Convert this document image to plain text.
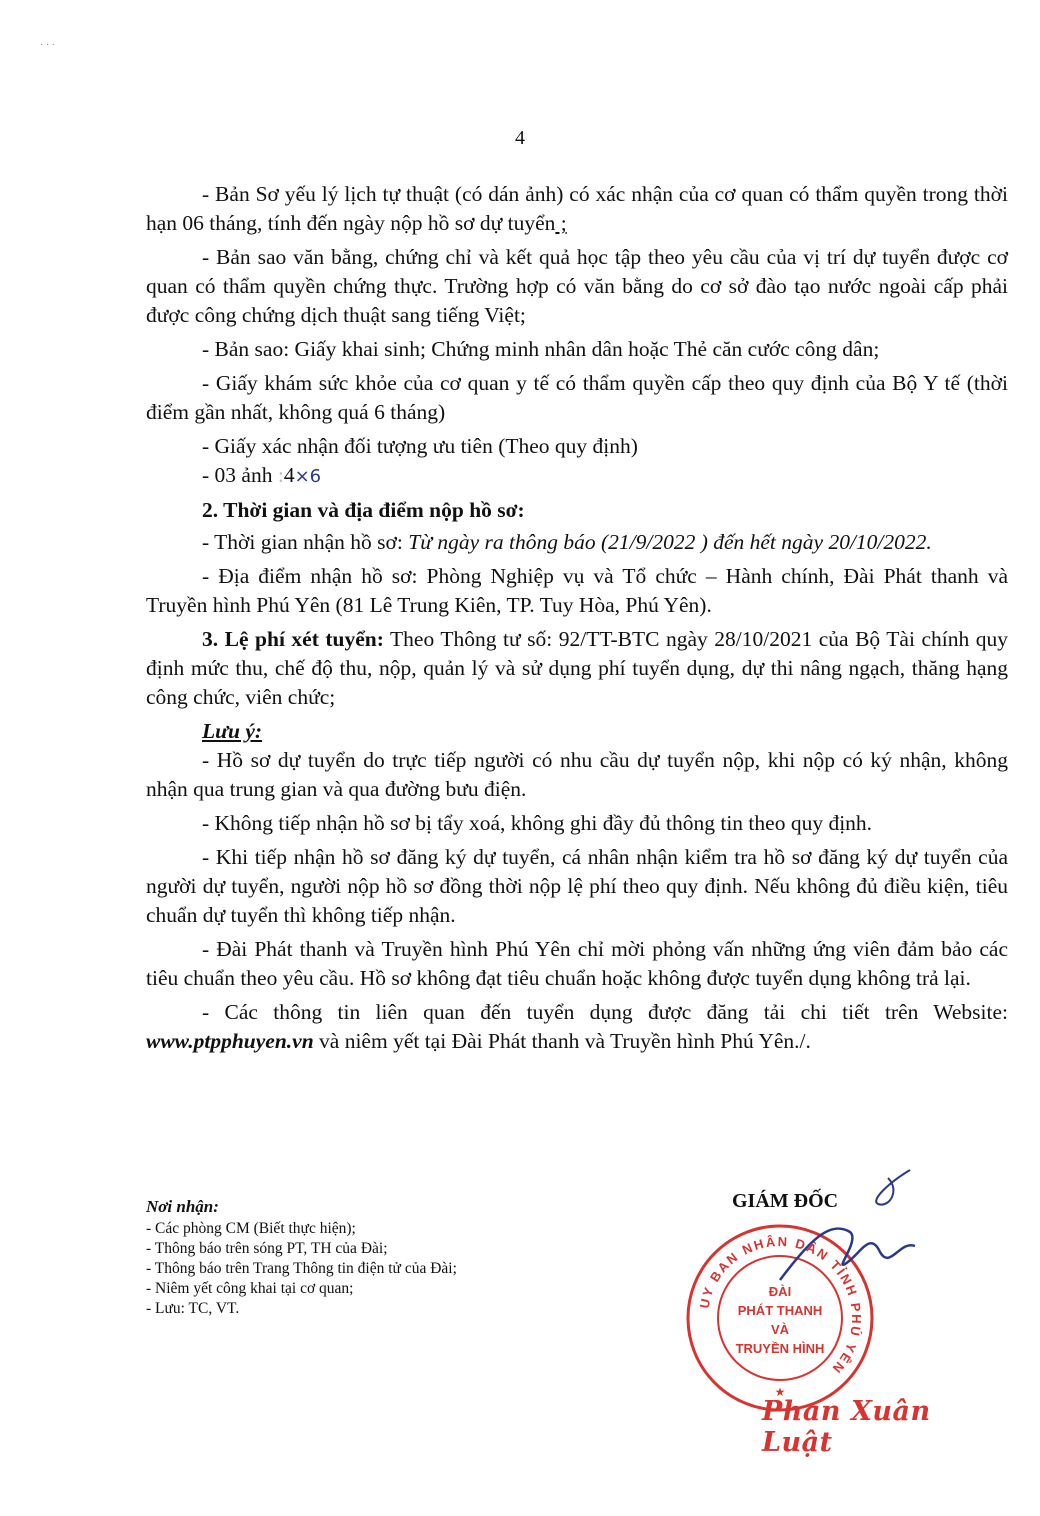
· · ·
4

- Bản Sơ yếu lý lịch tự thuật (có dán ảnh) có xác nhận của cơ quan có thẩm quyền trong thời hạn 06 tháng, tính đến ngày nộp hồ sơ dự tuyển ;

- Bản sao văn bằng, chứng chỉ và kết quả học tập theo yêu cầu của vị trí dự tuyển được cơ quan có thẩm quyền chứng thực. Trường hợp có văn bằng do cơ sở đào tạo nước ngoài cấp phải được công chứng dịch thuật sang tiếng Việt;

- Bản sao: Giấy khai sinh; Chứng minh nhân dân hoặc Thẻ căn cước công dân;

- Giấy khám sức khỏe của cơ quan y tế có thẩm quyền cấp theo quy định của Bộ Y tế (thời điểm gần nhất, không quá 6 tháng)

- Giấy xác nhận đối tượng ưu tiên (Theo quy định)

- 03 ảnh :4×6

2. Thời gian và địa điểm nộp hồ sơ:

- Thời gian nhận hồ sơ: Từ ngày ra thông báo (21/9/2022 ) đến hết ngày 20/10/2022.

- Địa điểm nhận hồ sơ: Phòng Nghiệp vụ và Tổ chức – Hành chính, Đài Phát thanh và Truyền hình Phú Yên (81 Lê Trung Kiên, TP. Tuy Hòa, Phú Yên).

3. Lệ phí xét tuyển: Theo Thông tư số: 92/TT-BTC ngày 28/10/2021 của Bộ Tài chính quy định mức thu, chế độ thu, nộp, quản lý và sử dụng phí tuyển dụng, dự thi nâng ngạch, thăng hạng công chức, viên chức;

Lưu ý:

- Hồ sơ dự tuyển do trực tiếp người có nhu cầu dự tuyển nộp, khi nộp có ký nhận, không nhận qua trung gian và qua đường bưu điện.

- Không tiếp nhận hồ sơ bị tẩy xoá, không ghi đầy đủ thông tin theo quy định.

- Khi tiếp nhận hồ sơ đăng ký dự tuyển, cá nhân nhận kiểm tra hồ sơ đăng ký dự tuyển của người dự tuyển, người nộp hồ sơ đồng thời nộp lệ phí theo quy định. Nếu không đủ điều kiện, tiêu chuẩn dự tuyển thì không tiếp nhận.

- Đài Phát thanh và Truyền hình Phú Yên chỉ mời phỏng vấn những ứng viên đảm bảo các tiêu chuẩn theo yêu cầu. Hồ sơ không đạt tiêu chuẩn hoặc không được tuyển dụng không trả lại.

- Các thông tin liên quan đến tuyển dụng được đăng tải chi tiết trên Website: www.ptpphuyen.vn và niêm yết tại Đài Phát thanh và Truyền hình Phú Yên./.

Nơi nhận:
- Các phòng CM (Biết thực hiện);
- Thông báo trên sóng PT, TH của Đài;
- Thông báo trên Trang Thông tin điện tử của Đài;
- Niêm yết công khai tại cơ quan;
- Lưu: TC, VT.
GIÁM ĐỐC
UY BAN NHÂN DÂN TỈNH PHÚ YÊN
ĐÀI
PHÁT THANH
VÀ
TRUYỀN HÌNH
★
Phan Xuân Luật
